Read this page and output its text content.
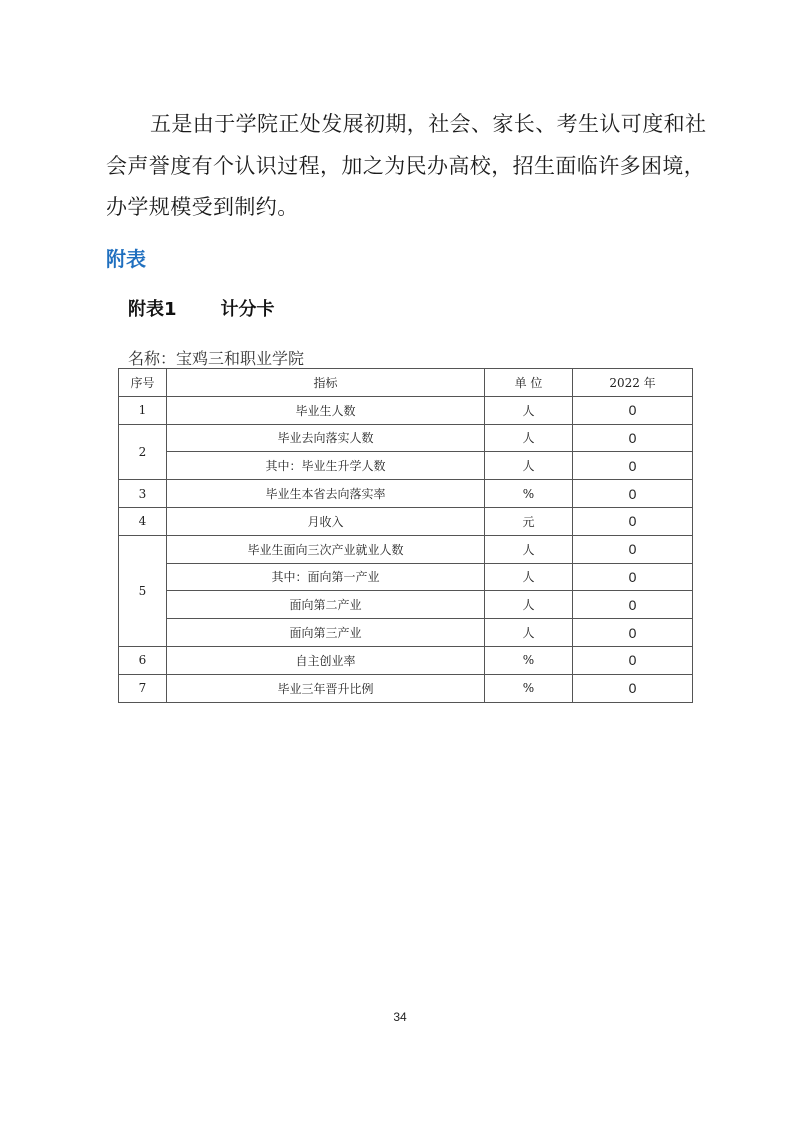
五是由于学院正处发展初期，社会、家长、考生认可度和社
会声誉度有个认识过程，加之为民办高校，招生面临许多困境，
办学规模受到制约。
附表
附表1 计分卡
名称：宝鸡三和职业学院
序号	指标	单 位	2022 年
1	毕业生人数	人	0
2	毕业去向落实人数	人	0
	其中：毕业生升学人数	人	0
3	毕业生本省去向落实率	%	0
4	月收入	元	0
5	毕业生面向三次产业就业人数	人	0
	其中：面向第一产业	人	0
	面向第二产业	人	0
	面向第三产业	人	0
6	自主创业率	%	0
7	毕业三年晋升比例	%	0
34
